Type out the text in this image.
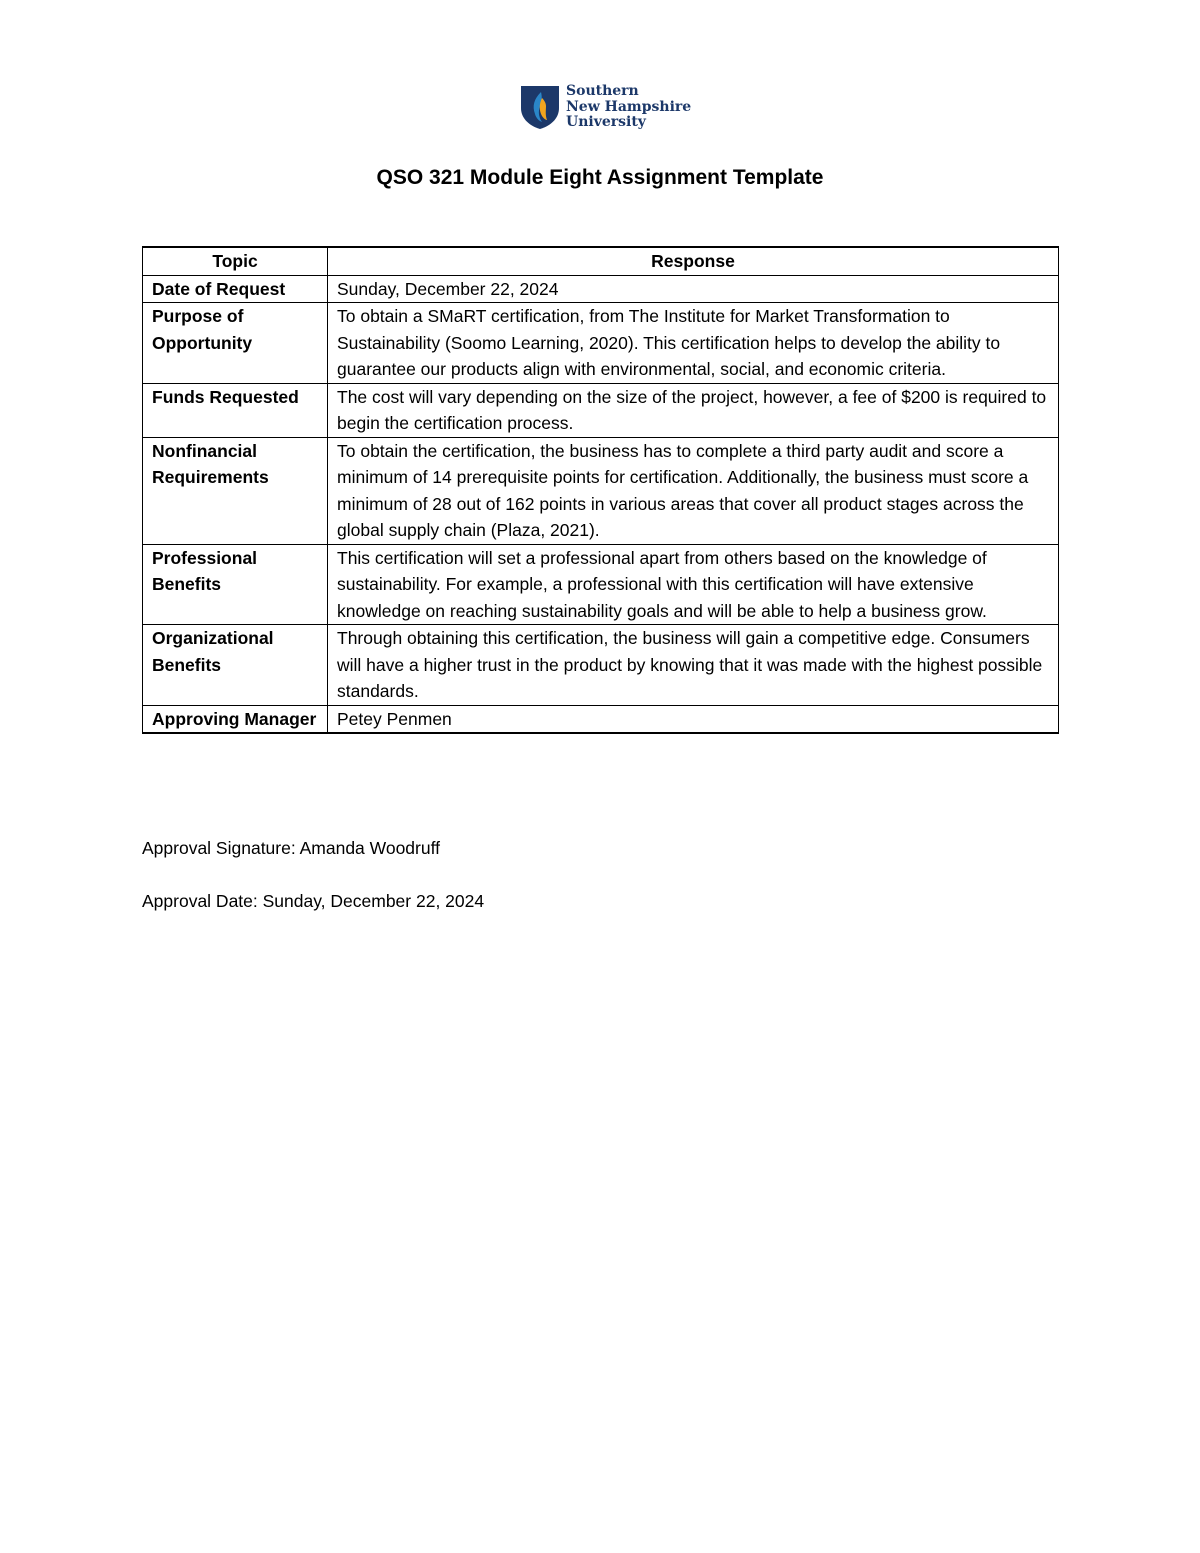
Southern
New Hampshire
University
QSO 321 Module Eight Assignment Template
Topic	Response
Date of Request	Sunday, December 22, 2024
Purpose of Opportunity	To obtain a SMaRT certification, from The Institute for Market Transformation to Sustainability (Soomo Learning, 2020). This certification helps to develop the ability to guarantee our products align with environmental, social, and economic criteria.
Funds Requested	The cost will vary depending on the size of the project, however, a fee of $200 is required to begin the certification process.
Nonfinancial Requirements	To obtain the certification, the business has to complete a third party audit and score a minimum of 14 prerequisite points for certification. Additionally, the business must score a minimum of 28 out of 162 points in various areas that cover all product stages across the global supply chain (Plaza, 2021).
Professional Benefits	This certification will set a professional apart from others based on the knowledge of sustainability. For example, a professional with this certification will have extensive knowledge on reaching sustainability goals and will be able to help a business grow.
Organizational Benefits	Through obtaining this certification, the business will gain a competitive edge. Consumers will have a higher trust in the product by knowing that it was made with the highest possible standards.
Approving Manager	Petey Penmen

Approval Signature: Amanda Woodruff

Approval Date: Sunday, December 22, 2024
